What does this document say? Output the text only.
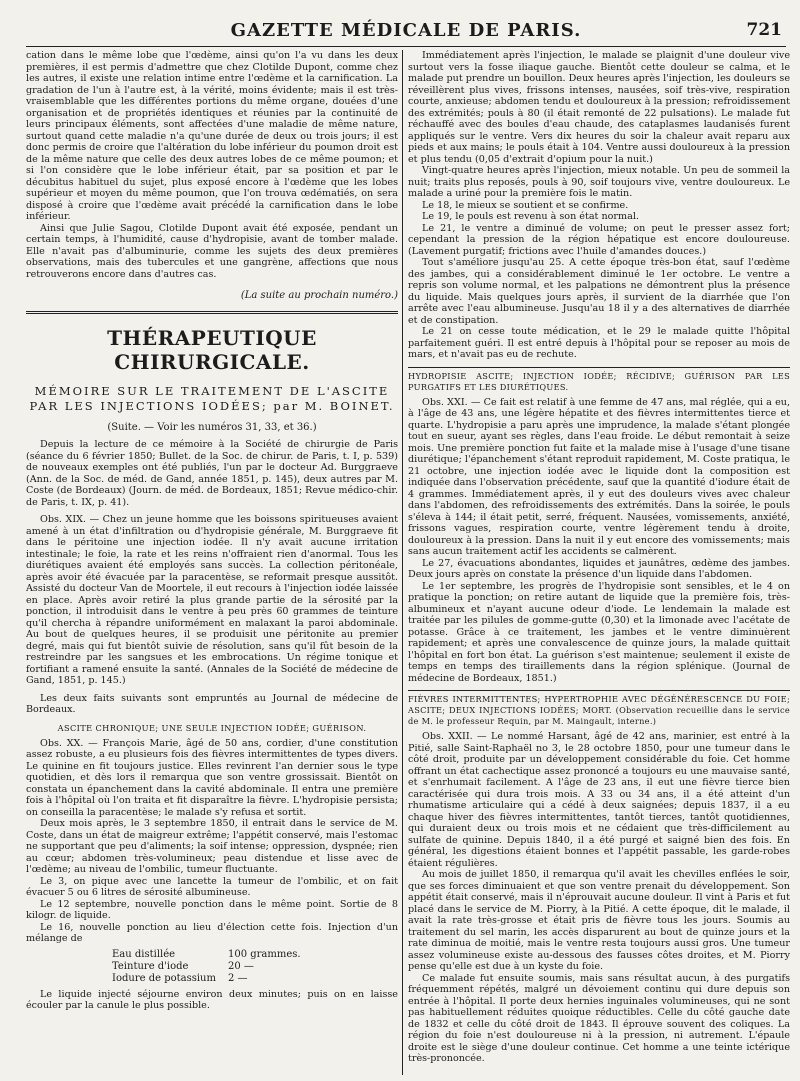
GAZETTE MÉDICALE DE PARIS.	721

cation dans le même lobe que l'œdème, ainsi qu'on l'a vu dans les deux premières, il est permis d'admettre que chez Clotilde Dupont, comme chez les autres, il existe une relation intime entre l'œdème et la carnification. La gradation de l'un à l'autre est, à la vérité, moins évidente; mais il est très-vraisemblable que les différentes portions du même organe, douées d'une organisation et de propriétés identiques et réunies par la continuité de leurs principaux éléments, sont affectées d'une maladie de même nature, surtout quand cette maladie n'a qu'une durée de deux ou trois jours; il est donc permis de croire que l'altération du lobe inférieur du poumon droit est de la même nature que celle des deux autres lobes de ce même poumon; et si l'on considère que le lobe inférieur était, par sa position et par le décubitus habituel du sujet, plus exposé encore à l'œdème que les lobes supérieur et moyen du même poumon, que l'on trouva œdématiés, on sera disposé à croire que l'œdème avait précédé la carnification dans le lobe inférieur.

Ainsi que Julie Sagou, Clotilde Dupont avait été exposée, pendant un certain temps, à l'humidité, cause d'hydropisie, avant de tomber malade. Elle n'avait pas d'albuminurie, comme les sujets des deux premières observations, mais des tubercules et une gangrène, affections que nous retrouverons encore dans d'autres cas.

(La suite au prochain numéro.)
THÉRAPEUTIQUE CHIRURGICALE.
MÉMOIRE SUR LE TRAITEMENT DE L'ASCITE PAR LES INJECTIONS IODÉES; par M. BOINET.
(Suite. — Voir les numéros 31, 33, et 36.)

Depuis la lecture de ce mémoire à la Société de chirurgie de Paris (séance du 6 février 1850; Bullet. de la Soc. de chirur. de Paris, t. I, p. 539) de nouveaux exemples ont été publiés, l'un par le docteur Ad. Burggraeve (Ann. de la Soc. de méd. de Gand, année 1851, p. 145), deux autres par M. Coste (de Bordeaux) (Journ. de méd. de Bordeaux, 1851; Revue médico-chir. de Paris, t. IX, p. 41).

Obs. XIX. — Chez un jeune homme que les boissons spiritueuses avaient amené à un état d'infiltration ou d'hydropisie générale, M. Burggraeve fit dans le péritoine une injection iodée. Il n'y avait aucune irritation intestinale; le foie, la rate et les reins n'offraient rien d'anormal. Tous les diurétiques avaient été employés sans succès. La collection péritonéale, après avoir été évacuée par la paracentèse, se reformait presque aussitôt. Assisté du docteur Van de Moortele, il eut recours à l'injection iodée laissée en place. Après avoir retiré la plus grande partie de la sérosité par la ponction, il introduisit dans le ventre à peu près 60 grammes de teinture qu'il chercha à répandre uniformément en malaxant la paroi abdominale. Au bout de quelques heures, il se produisit une péritonite au premier degré, mais qui fut bientôt suivie de résolution, sans qu'il fût besoin de la restreindre par les sangsues et les embrocations. Un régime tonique et fortifiant a ramené ensuite la santé. (Annales de la Société de médecine de Gand, 1851, p. 145.)

Les deux faits suivants sont empruntés au Journal de médecine de Bordeaux.

ASCITE CHRONIQUE; UNE SEULE INJECTION IODÉE; GUÉRISON.

Obs. XX. — François Marie, âgé de 50 ans, cordier, d'une constitution assez robuste, a eu plusieurs fois des fièvres intermittentes de types divers. Le quinine en fit toujours justice. Elles revinrent l'an dernier sous le type quotidien, et dès lors il remarqua que son ventre grossissait. Bientôt on constata un épanchement dans la cavité abdominale. Il entra une première fois à l'hôpital où l'on traita et fit disparaître la fièvre. L'hydropisie persista; on conseilla la paracentèse; le malade s'y refusa et sortit.

Deux mois après, le 3 septembre 1850, il entrait dans le service de M. Coste, dans un état de maigreur extrême; l'appétit conservé, mais l'estomac ne supportant que peu d'aliments; la soif intense; oppression, dyspnée; rien au cœur; abdomen très-volumineux; peau distendue et lisse avec de l'œdème; au niveau de l'ombilic, tumeur fluctuante.

Le 3, on pique avec une lancette la tumeur de l'ombilic, et on fait évacuer 5 ou 6 litres de sérosité albumineuse.

Le 12 septembre, nouvelle ponction dans le même point. Sortie de 8 kilogr. de liquide.

Le 16, nouvelle ponction au lieu d'élection cette fois. Injection d'un mélange de

Eau distillée	100 grammes.
Teinture d'iode	20 —
Iodure de potassium	2 —

Le liquide injecté séjourne environ deux minutes; puis on en laisse écouler par la canule le plus possible.

Immédiatement après l'injection, le malade se plaignit d'une douleur vive surtout vers la fosse iliaque gauche. Bientôt cette douleur se calma, et le malade put prendre un bouillon. Deux heures après l'injection, les douleurs se réveillèrent plus vives, frissons intenses, nausées, soif très-vive, respiration courte, anxieuse; abdomen tendu et douloureux à la pression; refroidissement des extrémités; pouls à 80 (il était remonté de 22 pulsations). Le malade fut réchauffé avec des boules d'eau chaude, des cataplasmes laudanisés furent appliqués sur le ventre. Vers dix heures du soir la chaleur avait reparu aux pieds et aux mains; le pouls était à 104. Ventre aussi douloureux à la pression et plus tendu (0,05 d'extrait d'opium pour la nuit.)

Vingt-quatre heures après l'injection, mieux notable. Un peu de sommeil la nuit; traits plus reposés, pouls à 90, soif toujours vive, ventre douloureux. Le malade a uriné pour la première fois le matin.

Le 18, le mieux se soutient et se confirme.

Le 19, le pouls est revenu à son état normal.

Le 21, le ventre a diminué de volume; on peut le presser assez fort; cependant la pression de la région hépatique est encore douloureuse. (Lavement purgatif; frictions avec l'huile d'amandes douces.)

Tout s'améliore jusqu'au 25. A cette époque très-bon état, sauf l'œdème des jambes, qui a considérablement diminué le 1er octobre. Le ventre a repris son volume normal, et les palpations ne démontrent plus la présence du liquide. Mais quelques jours après, il survient de la diarrhée que l'on arrête avec l'eau albumineuse. Jusqu'au 18 il y a des alternatives de diarrhée et de constipation.

Le 21 on cesse toute médication, et le 29 le malade quitte l'hôpital parfaitement guéri. Il est entré depuis à l'hôpital pour se reposer au mois de mars, et n'avait pas eu de rechute.

HYDROPISIE ASCITE; INJECTION IODÉE; RÉCIDIVE; GUÉRISON PAR LES PURGATIFS ET LES DIURÉTIQUES.

Obs. XXI. — Ce fait est relatif à une femme de 47 ans, mal réglée, qui a eu, à l'âge de 43 ans, une légère hépatite et des fièvres intermittentes tierce et quarte. L'hydropisie a paru après une imprudence, la malade s'étant plongée tout en sueur, ayant ses règles, dans l'eau froide. Le début remontait à seize mois. Une première ponction fut faite et la malade mise à l'usage d'une tisane diurétique; l'épanchement s'étant reproduit rapidement, M. Coste pratiqua, le 21 octobre, une injection iodée avec le liquide dont la composition est indiquée dans l'observation précédente, sauf que la quantité d'iodure était de 4 grammes. Immédiatement après, il y eut des douleurs vives avec chaleur dans l'abdomen, des refroidissements des extrémités. Dans la soirée, le pouls s'éleva à 144; il était petit, serré, fréquent. Nausées, vomissements, anxiété, frissons vagues, respiration courte, ventre légèrement tendu à droite, douloureux à la pression. Dans la nuit il y eut encore des vomissements; mais sans aucun traitement actif les accidents se calmèrent.

Le 27, évacuations abondantes, liquides et jaunâtres, œdème des jambes. Deux jours après on constate la présence d'un liquide dans l'abdomen.

Le 1er septembre, les progrès de l'hydropisie sont sensibles, et le 4 on pratique la ponction; on retire autant de liquide que la première fois, très-albumineux et n'ayant aucune odeur d'iode. Le lendemain la malade est traitée par les pilules de gomme-gutte (0,30) et la limonade avec l'acétate de potasse. Grâce à ce traitement, les jambes et le ventre diminuèrent rapidement; et après une convalescence de quinze jours, la malade quittait l'hôpital en fort bon état. La guérison s'est maintenue; seulement il existe de temps en temps des tiraillements dans la région splénique. (Journal de médecine de Bordeaux, 1851.)

FIÈVRES INTERMITTENTES; HYPERTROPHIE AVEC DÉGÉNÉRESCENCE DU FOIE; ASCITE; DEUX INJECTIONS IODÉES; MORT. (Observation recueillie dans le service de M. le professeur Requin, par M. Maingault, interne.)

Obs. XXII. — Le nommé Harsant, âgé de 42 ans, marinier, est entré à la Pitié, salle Saint-Raphaël no 3, le 28 octobre 1850, pour une tumeur dans le côté droit, produite par un développement considérable du foie. Cet homme offrant un état cachectique assez prononcé a toujours eu une mauvaise santé, et s'enrhumait facilement. A l'âge de 23 ans, il eut une fièvre tierce bien caractérisée qui dura trois mois. A 33 ou 34 ans, il a été atteint d'un rhumatisme articulaire qui a cédé à deux saignées; depuis 1837, il a eu chaque hiver des fièvres intermittentes, tantôt tierces, tantôt quotidiennes, qui duraient deux ou trois mois et ne cédaient que très-difficilement au sulfate de quinine. Depuis 1840, il a été purgé et saigné bien des fois. En général, les digestions étaient bonnes et l'appétit passable, les garde-robes étaient régulières.

Au mois de juillet 1850, il remarqua qu'il avait les chevilles enflées le soir, que ses forces diminuaient et que son ventre prenait du développement. Son appétit était conservé, mais il n'éprouvait aucune douleur. Il vint à Paris et fut placé dans le service de M. Piorry, à la Pitié. A cette époque, dit le malade, il avait la rate très-grosse et était pris de fièvre tous les jours. Soumis au traitement du sel marin, les accès disparurent au bout de quinze jours et la rate diminua de moitié, mais le ventre resta toujours aussi gros. Une tumeur assez volumineuse existe au-dessous des fausses côtes droites, et M. Piorry pense qu'elle est due à un kyste du foie.

Ce malade fut ensuite soumis, mais sans résultat aucun, à des purgatifs fréquemment répétés, malgré un dévoiement continu qui dure depuis son entrée à l'hôpital. Il porte deux hernies inguinales volumineuses, qui ne sont pas habituellement réduites quoique réductibles. Celle du côté gauche date de 1832 et celle du côté droit de 1843. Il éprouve souvent des coliques. La région du foie n'est douloureuse ni à la pression, ni autrement. L'épaule droite est le siège d'une douleur continue. Cet homme a une teinte ictérique très-prononcée.
